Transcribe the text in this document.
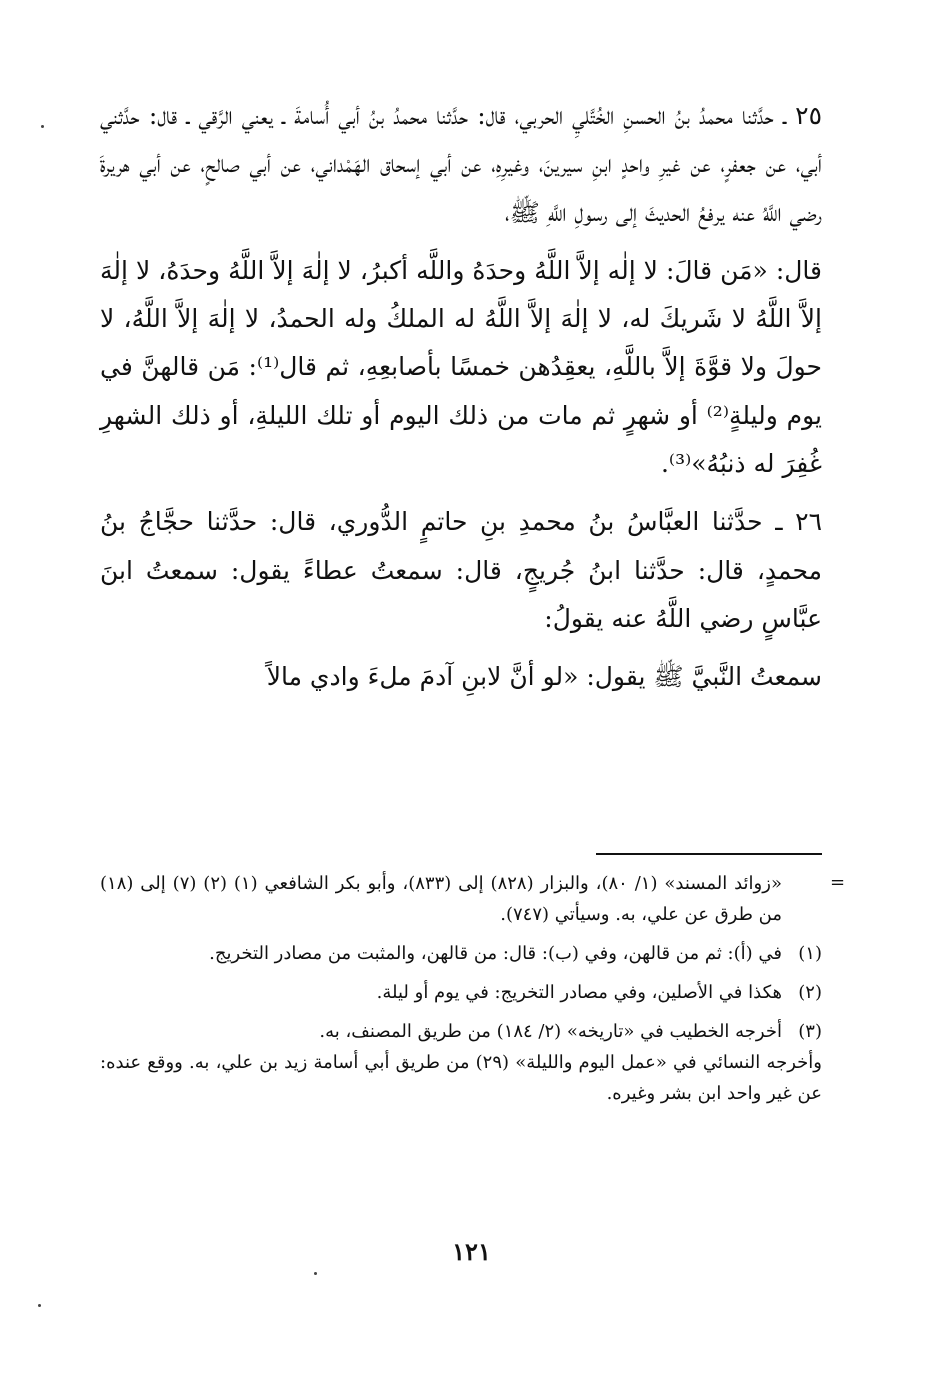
٢٥ ـ حدَّثنا محمدُ بنُ الحسنِ الخُتَّليِ الحربي، قال: حدَّثنا محمدُ بنُ أبي أُسامةَ ـ يعني الرَّقي ـ قال: حدَّثني أبي، عن جعفرٍ، عن غيرِ واحدٍ ابنِ سيرينَ، وغيرِهِ، عن أبي إسحاق الهَمْداني، عن أبي صالحٍ، عن أبي هريرةَ رضي اللَّهُ عنه يرفعُ الحديثَ إلى رسولِ اللَّهِ ﷺ،

قال: «مَن قالَ: لا إلٰه إلاَّ اللَّهُ وحدَهُ واللَّه أكبرُ، لا إلٰهَ إلاَّ اللَّهُ وحدَهُ، لا إلٰهَ إلاَّ اللَّهُ لا شَريكَ له، لا إلٰهَ إلاَّ اللَّهُ له الملكُ وله الحمدُ، لا إلٰهَ إلاَّ اللَّهُ، لا حولَ ولا قوَّةَ إلاَّ باللَّهِ، يعقِدُهن خمسًا بأصابعِهِ، ثم قال⁽¹⁾: مَن قالهنَّ في يوم وليلةٍ⁽²⁾ أو شهرٍ ثم مات من ذلك اليوم أو تلك الليلةِ، أو ذلك الشهرِ غُفِرَ له ذنبُهُ»⁽³⁾.

٢٦ ـ حدَّثنا العبَّاسُ بنُ محمدِ بنِ حاتمٍ الدُّوري، قال: حدَّثنا حجَّاجُ بنُ محمدٍ، قال: حدَّثنا ابنُ جُريجٍ، قال: سمعتُ عطاءً يقول: سمعتُ ابنَ عبَّاسٍ رضي اللَّهُ عنه يقولُ:

سمعتُ النَّبيَّ ﷺ يقول: «لو أنَّ لابنِ آدمَ ملءَ وادي مالاً

=

«زوائد المسند» (١/ ٨٠)، والبزار (٨٢٨) إلى (٨٣٣)، وأبو بكر الشافعي (١) (٢) (٧) إلى (١٨) من طرق عن علي، به. وسيأتي (٧٤٧).

(١)
في (أ): ثم من قالهن، وفي (ب): قال: من قالهن، والمثبت من مصادر التخريج.

(٢)
هكذا في الأصلين، وفي مصادر التخريج: في يوم أو ليلة.

(٣)
أخرجه الخطيب في «تاريخه» (٢/ ١٨٤) من طريق المصنف، به.

وأخرجه النسائي في «عمل اليوم والليلة» (٢٩) من طريق أبي أسامة زيد بن علي، به. ووقع عنده: عن غير واحد ابن بشر وغيره.

١٢١
